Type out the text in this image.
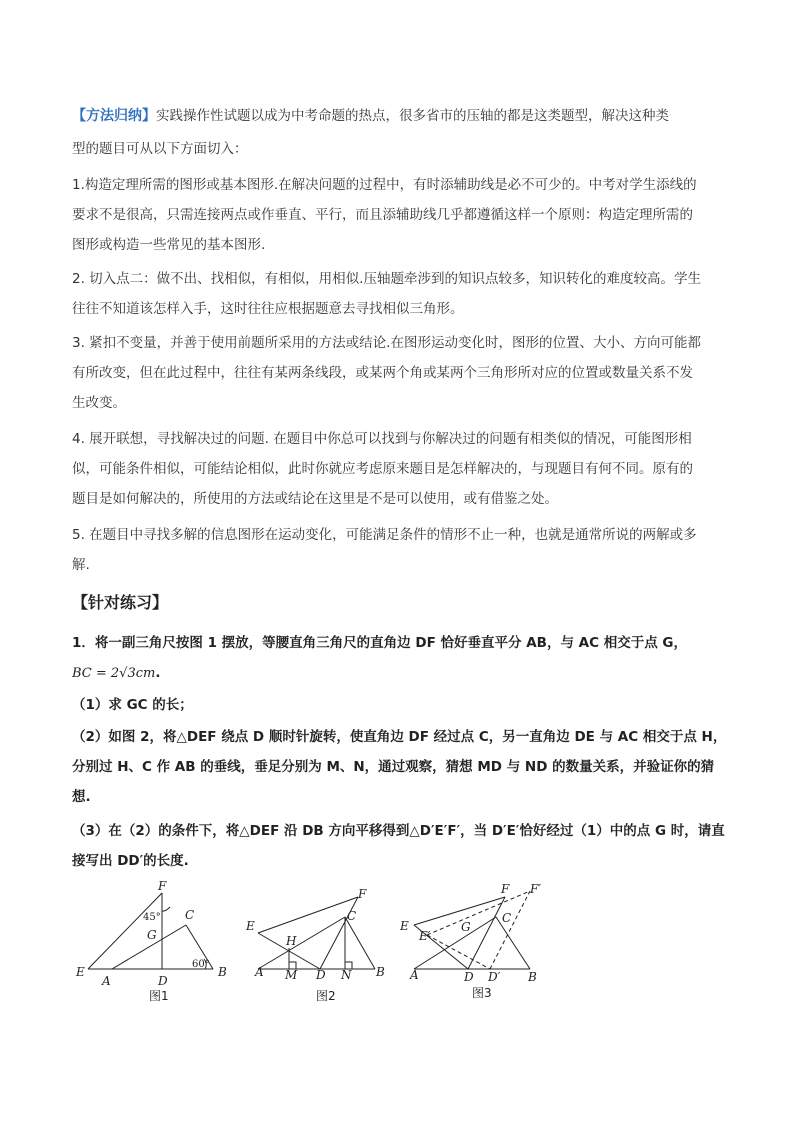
【方法归纳】实践操作性试题以成为中考命题的热点，很多省市的压轴的都是这类题型，解决这种类
型的题目可从以下方面切入：
1.构造定理所需的图形或基本图形.在解决问题的过程中，有时添辅助线是必不可少的。中考对学生添线的
要求不是很高，只需连接两点或作垂直、平行，而且添辅助线几乎都遵循这样一个原则：构造定理所需的
图形或构造一些常见的基本图形.
2. 切入点二：做不出、找相似，有相似，用相似.压轴题牵涉到的知识点较多，知识转化的难度较高。学生
往往不知道该怎样入手，这时往往应根据题意去寻找相似三角形。
3. 紧扣不变量，并善于使用前题所采用的方法或结论.在图形运动变化时，图形的位置、大小、方向可能都
有所改变，但在此过程中，往往有某两条线段，或某两个角或某两个三角形所对应的位置或数量关系不发
生改变。
4. 展开联想，寻找解决过的问题. 在题目中你总可以找到与你解决过的问题有相类似的情况，可能图形相
似，可能条件相似，可能结论相似，此时你就应考虑原来题目是怎样解决的，与现题目有何不同。原有的
题目是如何解决的，所使用的方法或结论在这里是不是可以使用，或有借鉴之处。
5. 在题目中寻找多解的信息图形在运动变化，可能满足条件的情形不止一种，也就是通常所说的两解或多
解.
【针对练习】
1．将一副三角尺按图 1 摆放，等腰直角三角尺的直角边 DF 恰好垂直平分 AB，与 AC 相交于点 G，
BC = 2√3cm.
（1）求 GC 的长；
（2）如图 2，将△DEF 绕点 D 顺时针旋转，使直角边 DF 经过点 C，另一直角边 DE 与 AC 相交于点 H，
分别过 H、C 作 AB 的垂线，垂足分别为 M、N，通过观察，猜想 MD 与 ND 的数量关系，并验证你的猜
想.
（3）在（2）的条件下，将△DEF 沿 DB 方向平移得到△D′E′F′，当 D′E′恰好经过（1）中的点 G 时，请直
接写出 DD′的长度.
F
C
G
E
A	D
B
45°
60°
图1
F
C
E
H
A M D N B
图2
F F′
E
E′
G
C
A	D D′ B
图3
